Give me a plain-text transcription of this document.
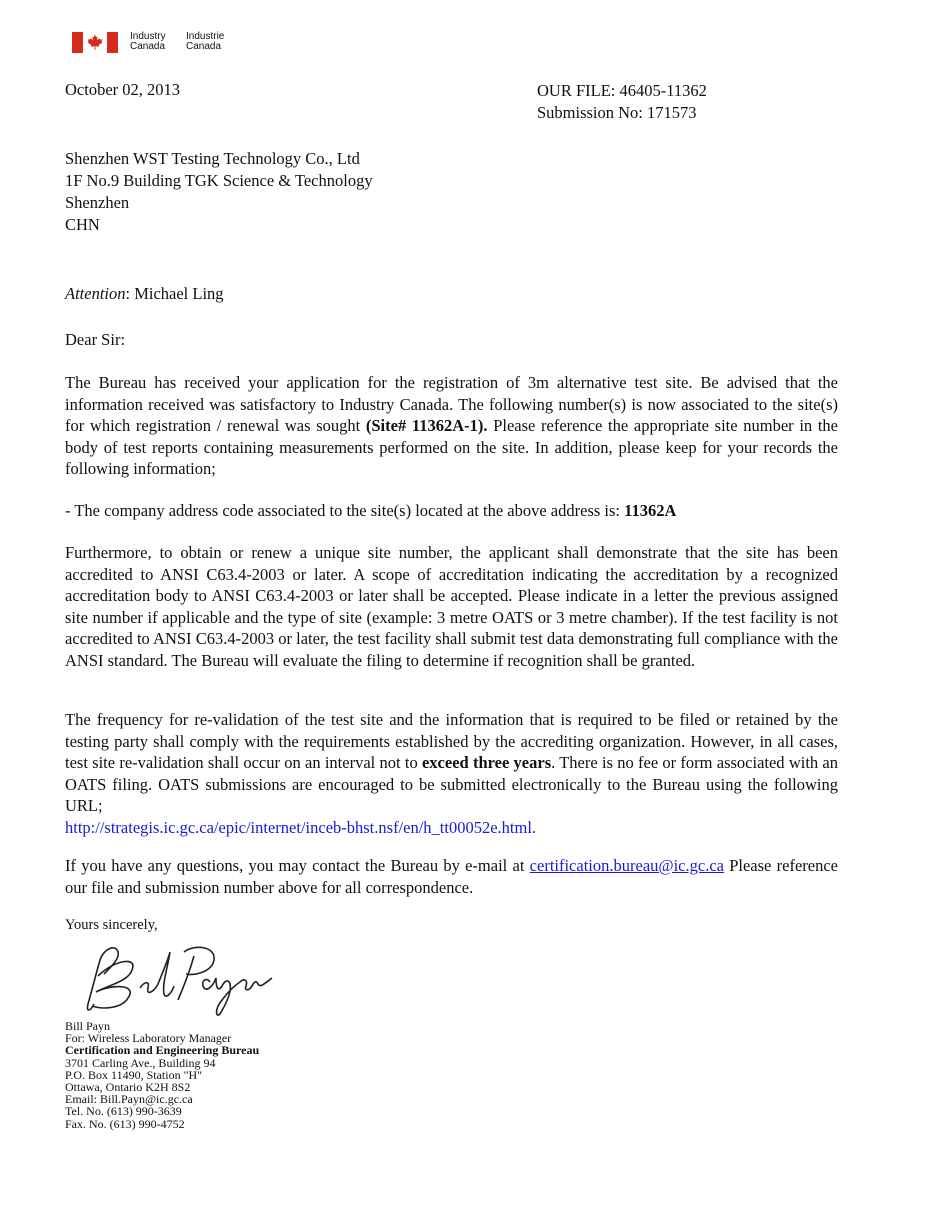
Industry
Canada
Industrie
Canada
October 02, 2013	OUR FILE: 46405-11362
Submission No: 171573
Shenzhen WST Testing Technology Co., Ltd
1F No.9 Building TGK Science & Technology
Shenzhen
CHN
Attention: Michael Ling
Dear Sir:
The Bureau has received your application for the registration of 3m alternative test site. Be advised that the information received was satisfactory to Industry Canada. The following number(s) is now associated to the site(s) for which registration / renewal was sought (Site# 11362A-1). Please reference the appropriate site number in the body of test reports containing measurements performed on the site. In addition, please keep for your records the following information;
- The company address code associated to the site(s) located at the above address is: 11362A
Furthermore, to obtain or renew a unique site number, the applicant shall demonstrate that the site has been accredited to ANSI C63.4-2003 or later. A scope of accreditation indicating the accreditation by a recognized accreditation body to ANSI C63.4-2003 or later shall be accepted. Please indicate in a letter the previous assigned site number if applicable and the type of site (example: 3 metre OATS or 3 metre chamber). If the test facility is not accredited to ANSI C63.4-2003 or later, the test facility shall submit test data demonstrating full compliance with the ANSI standard. The Bureau will evaluate the filing to determine if recognition shall be granted.
The frequency for re-validation of the test site and the information that is required to be filed or retained by the testing party shall comply with the requirements established by the accrediting organization. However, in all cases, test site re-validation shall occur on an interval not to exceed three years. There is no fee or form associated with an OATS filing. OATS submissions are encouraged to be submitted electronically to the Bureau using the following URL;
http://strategis.ic.gc.ca/epic/internet/inceb-bhst.nsf/en/h_tt00052e.html.
If you have any questions, you may contact the Bureau by e-mail at certification.bureau@ic.gc.ca Please reference our file and submission number above for all correspondence.
Yours sincerely,
Bill Payn
For: Wireless Laboratory Manager
Certification and Engineering Bureau
3701 Carling Ave., Building 94
P.O. Box 11490, Station "H"
Ottawa, Ontario K2H 8S2
Email: Bill.Payn@ic.gc.ca
Tel. No. (613) 990-3639
Fax. No. (613) 990-4752
